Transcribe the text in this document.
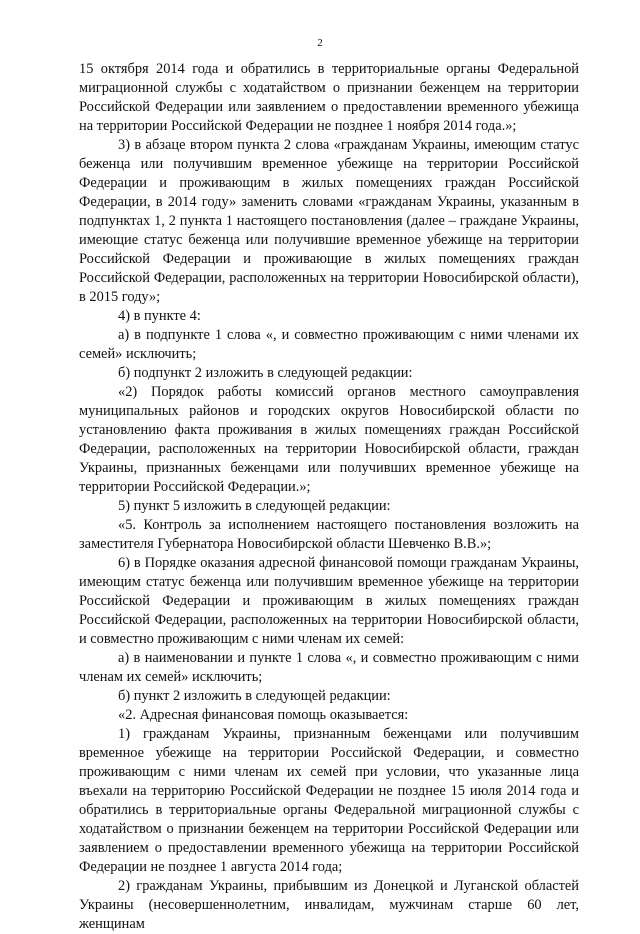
2

15 октября 2014 года и обратились в территориальные органы Федеральной миграционной службы с ходатайством о признании беженцем на территории Российской Федерации или заявлением о предоставлении временного убежища на территории Российской Федерации не позднее 1 ноября 2014 года.»;

3) в абзаце втором пункта 2 слова «гражданам Украины, имеющим статус беженца или получившим временное убежище на территории Российской Федерации и проживающим в жилых помещениях граждан Российской Федерации, в 2014 году» заменить словами «гражданам Украины, указанным в подпунктах 1, 2 пункта 1 настоящего постановления (далее – граждане Украины, имеющие статус беженца или получившие временное убежище на территории Российской Федерации и проживающие в жилых помещениях граждан Российской Федерации, расположенных на территории Новосибирской области), в 2015 году»;

4) в пункте 4:

а) в подпункте 1 слова «, и совместно проживающим с ними членами их семей» исключить;

б) подпункт 2 изложить в следующей редакции:

«2) Порядок работы комиссий органов местного самоуправления муниципальных районов и городских округов Новосибирской области по установлению факта проживания в жилых помещениях граждан Российской Федерации, расположенных на территории Новосибирской области, граждан Украины, признанных беженцами или получивших временное убежище на территории Российской Федерации.»;

5) пункт 5 изложить в следующей редакции:

«5. Контроль за исполнением настоящего постановления возложить на заместителя Губернатора Новосибирской области Шевченко В.В.»;

6) в Порядке оказания адресной финансовой помощи гражданам Украины, имеющим статус беженца или получившим временное убежище на территории Российской Федерации и проживающим в жилых помещениях граждан Российской Федерации, расположенных на территории Новосибирской области, и совместно проживающим с ними членам их семей:

а) в наименовании и пункте 1 слова «, и совместно проживающим с ними членам их семей» исключить;

б) пункт 2 изложить в следующей редакции:

«2. Адресная финансовая помощь оказывается:

1) гражданам Украины, признанным беженцами или получившим временное убежище на территории Российской Федерации, и совместно проживающим с ними членам их семей при условии, что указанные лица въехали на территорию Российской Федерации не позднее 15 июля 2014 года и обратились в территориальные органы Федеральной миграционной службы с ходатайством о признании беженцем на территории Российской Федерации или заявлением о предоставлении временного убежища на территории Российской Федерации не позднее 1 августа 2014 года;

2) гражданам Украины, прибывшим из Донецкой и Луганской областей Украины (несовершеннолетним, инвалидам, мужчинам старше 60 лет, женщинам
